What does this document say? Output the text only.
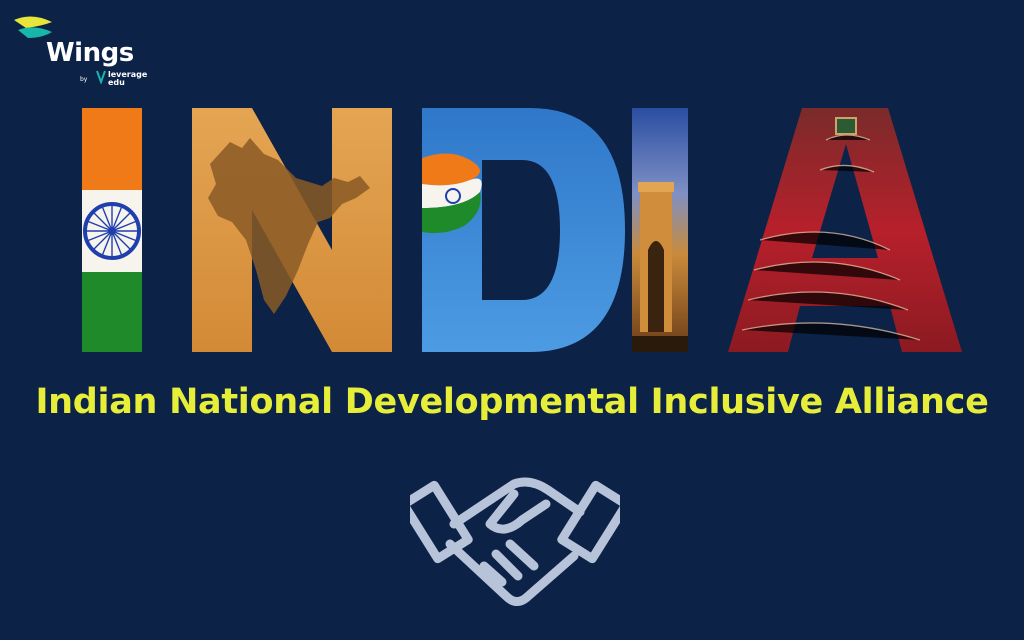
Wings
by
leverage
edu
Indian National Developmental Inclusive Alliance
